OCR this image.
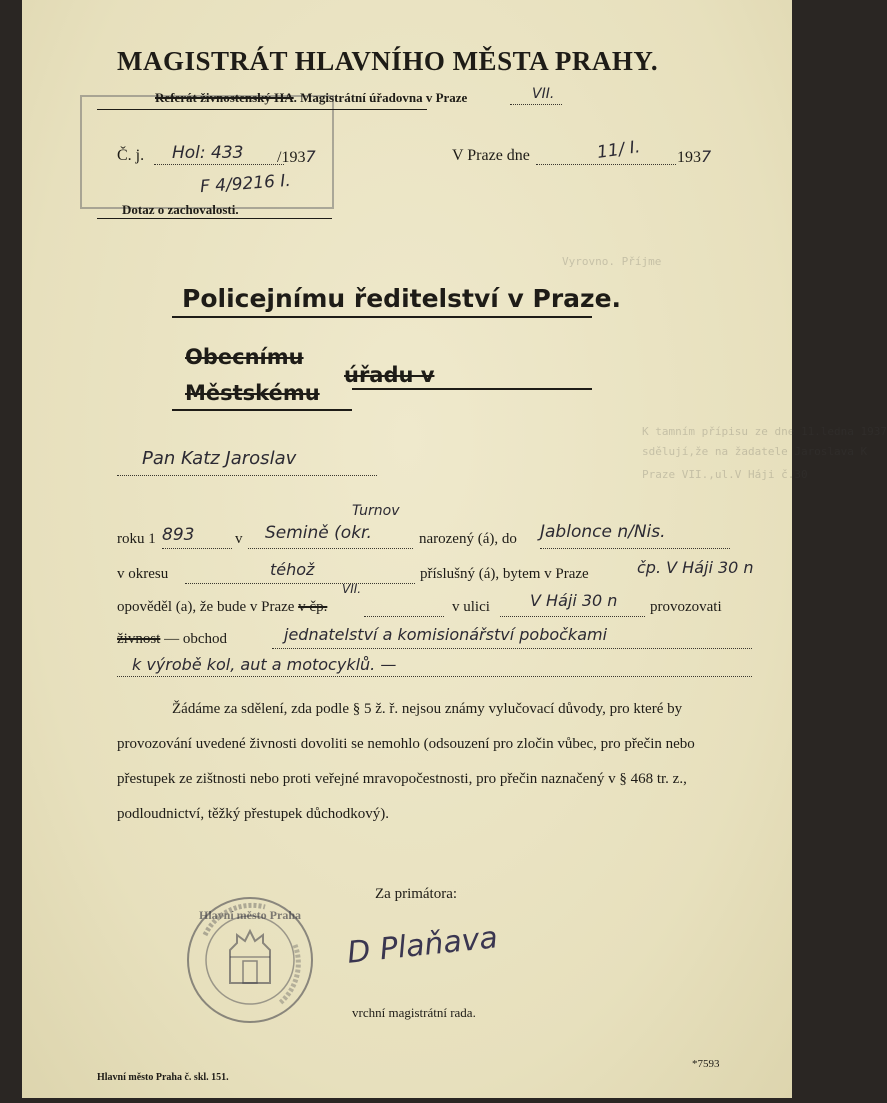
Vyrovno. Příjme
K tamním přípisu ze dne 11.ledna 1937
sdělují,že na žadatele Jaroslava K
Praze VII.,ul.V Háji č.30
MAGISTRÁT HLAVNÍHO MĚSTA PRAHY.
Referát živnostenský HA. Magistrátní úřadovna v Praze	VII.
Č. j. Hol: 433 /1937
F 4/9216 I.
Dotaz o zachovalosti.
V Praze dne	11/ I. 1937
Policejnímu ředitelství v Praze.
Obecnímu
Městskému
úřadu v
Pan Katz Jaroslav
roku 1 893	v Semině (okr.
Turnov
narozený (á), do Jablonce n/Nis.
v okresu	téhož	příslušný (á), bytem v Praze	čp. V Háji 30 n
opověděl (a), že bude v Praze v čp.
VII.
v ulici	V Háji 30 n provozovati
živnost — obchod	jednatelství a komisionářství pobočkami
k výrobě kol, aut a motocyklů. —
Žádáme za sdělení, zda podle § 5 ž. ř. nejsou známy vylučovací důvody, pro které by
provozování uvedené živnosti dovoliti se nemohlo (odsouzení pro zločin vůbec, pro přečin nebo
přestupek ze zištnosti nebo proti veřejné mravopočestnosti, pro přečin naznačený v § 468 tr. z.,
podloudnictví, těžký přestupek důchodkový).
Za primátora:
D Plaňava
vrchní magistrátní rada.
Hlavní město Praha
Hlavní město Praha č. skl. 151.
*7593
